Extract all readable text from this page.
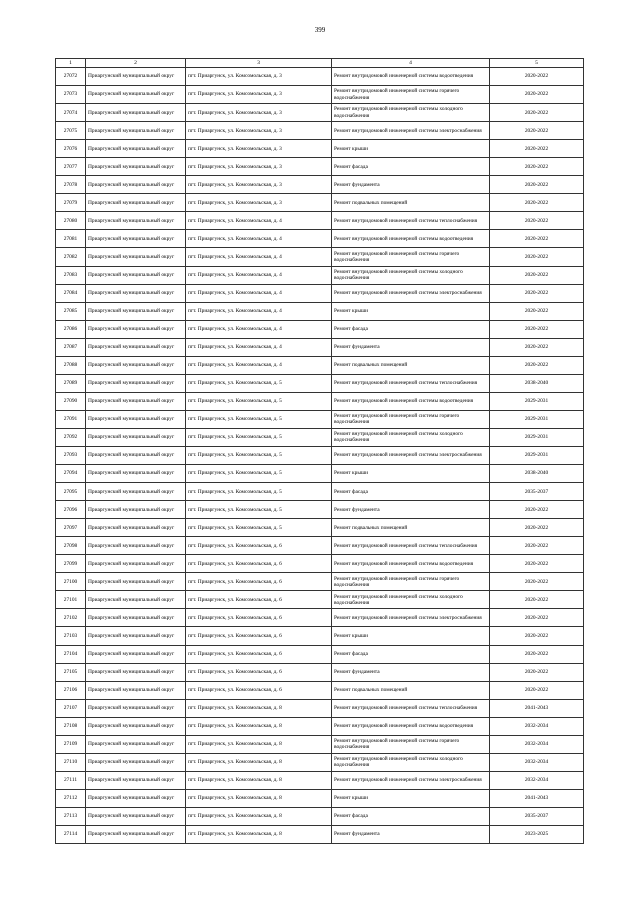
399
1	2	3	4	5
27072	Приаргунский муниципальный округ	пгт. Приаргунск, ул. Комсомольская, д. 3	Ремонт внутридомовой инженерной системы водоотведения	2020-2022
27073	Приаргунский муниципальный округ	пгт. Приаргунск, ул. Комсомольская, д. 3	Ремонт внутридомовой инженерной системы горячего водоснабжения	2020-2022
27074	Приаргунский муниципальный округ	пгт. Приаргунск, ул. Комсомольская, д. 3	Ремонт внутридомовой инженерной системы холодного водоснабжения	2020-2022
27075	Приаргунский муниципальный округ	пгт. Приаргунск, ул. Комсомольская, д. 3	Ремонт внутридомовой инженерной системы электроснабжения	2020-2022
27076	Приаргунский муниципальный округ	пгт. Приаргунск, ул. Комсомольская, д. 3	Ремонт крыши	2020-2022
27077	Приаргунский муниципальный округ	пгт. Приаргунск, ул. Комсомольская, д. 3	Ремонт фасада	2020-2022
27078	Приаргунский муниципальный округ	пгт. Приаргунск, ул. Комсомольская, д. 3	Ремонт фундамента	2020-2022
27079	Приаргунский муниципальный округ	пгт. Приаргунск, ул. Комсомольская, д. 3	Ремонт подвальных помещений	2020-2022
27080	Приаргунский муниципальный округ	пгт. Приаргунск, ул. Комсомольская, д. 4	Ремонт внутридомовой инженерной системы теплоснабжения	2020-2022
27081	Приаргунский муниципальный округ	пгт. Приаргунск, ул. Комсомольская, д. 4	Ремонт внутридомовой инженерной системы водоотведения	2020-2022
27082	Приаргунский муниципальный округ	пгт. Приаргунск, ул. Комсомольская, д. 4	Ремонт внутридомовой инженерной системы горячего водоснабжения	2020-2022
27083	Приаргунский муниципальный округ	пгт. Приаргунск, ул. Комсомольская, д. 4	Ремонт внутридомовой инженерной системы холодного водоснабжения	2020-2022
27084	Приаргунский муниципальный округ	пгт. Приаргунск, ул. Комсомольская, д. 4	Ремонт внутридомовой инженерной системы электроснабжения	2020-2022
27085	Приаргунский муниципальный округ	пгт. Приаргунск, ул. Комсомольская, д. 4	Ремонт крыши	2020-2022
27086	Приаргунский муниципальный округ	пгт. Приаргунск, ул. Комсомольская, д. 4	Ремонт фасада	2020-2022
27087	Приаргунский муниципальный округ	пгт. Приаргунск, ул. Комсомольская, д. 4	Ремонт фундамента	2020-2022
27088	Приаргунский муниципальный округ	пгт. Приаргунск, ул. Комсомольская, д. 4	Ремонт подвальных помещений	2020-2022
27089	Приаргунский муниципальный округ	пгт. Приаргунск, ул. Комсомольская, д. 5	Ремонт внутридомовой инженерной системы теплоснабжения	2038-2040
27090	Приаргунский муниципальный округ	пгт. Приаргунск, ул. Комсомольская, д. 5	Ремонт внутридомовой инженерной системы водоотведения	2029-2031
27091	Приаргунский муниципальный округ	пгт. Приаргунск, ул. Комсомольская, д. 5	Ремонт внутридомовой инженерной системы горячего водоснабжения	2029-2031
27092	Приаргунский муниципальный округ	пгт. Приаргунск, ул. Комсомольская, д. 5	Ремонт внутридомовой инженерной системы холодного водоснабжения	2029-2031
27093	Приаргунский муниципальный округ	пгт. Приаргунск, ул. Комсомольская, д. 5	Ремонт внутридомовой инженерной системы электроснабжения	2029-2031
27094	Приаргунский муниципальный округ	пгт. Приаргунск, ул. Комсомольская, д. 5	Ремонт крыши	2038-2040
27095	Приаргунский муниципальный округ	пгт. Приаргунск, ул. Комсомольская, д. 5	Ремонт фасада	2035-2037
27096	Приаргунский муниципальный округ	пгт. Приаргунск, ул. Комсомольская, д. 5	Ремонт фундамента	2020-2022
27097	Приаргунский муниципальный округ	пгт. Приаргунск, ул. Комсомольская, д. 5	Ремонт подвальных помещений	2020-2022
27098	Приаргунский муниципальный округ	пгт. Приаргунск, ул. Комсомольская, д. 6	Ремонт внутридомовой инженерной системы теплоснабжения	2020-2022
27099	Приаргунский муниципальный округ	пгт. Приаргунск, ул. Комсомольская, д. 6	Ремонт внутридомовой инженерной системы водоотведения	2020-2022
27100	Приаргунский муниципальный округ	пгт. Приаргунск, ул. Комсомольская, д. 6	Ремонт внутридомовой инженерной системы горячего водоснабжения	2020-2022
27101	Приаргунский муниципальный округ	пгт. Приаргунск, ул. Комсомольская, д. 6	Ремонт внутридомовой инженерной системы холодного водоснабжения	2020-2022
27102	Приаргунский муниципальный округ	пгт. Приаргунск, ул. Комсомольская, д. 6	Ремонт внутридомовой инженерной системы электроснабжения	2020-2022
27103	Приаргунский муниципальный округ	пгт. Приаргунск, ул. Комсомольская, д. 6	Ремонт крыши	2020-2022
27104	Приаргунский муниципальный округ	пгт. Приаргунск, ул. Комсомольская, д. 6	Ремонт фасада	2020-2022
27105	Приаргунский муниципальный округ	пгт. Приаргунск, ул. Комсомольская, д. 6	Ремонт фундамента	2020-2022
27106	Приаргунский муниципальный округ	пгт. Приаргунск, ул. Комсомольская, д. 6	Ремонт подвальных помещений	2020-2022
27107	Приаргунский муниципальный округ	пгт. Приаргунск, ул. Комсомольская, д. 8	Ремонт внутридомовой инженерной системы теплоснабжения	2041-2043
27108	Приаргунский муниципальный округ	пгт. Приаргунск, ул. Комсомольская, д. 8	Ремонт внутридомовой инженерной системы водоотведения	2032-2034
27109	Приаргунский муниципальный округ	пгт. Приаргунск, ул. Комсомольская, д. 8	Ремонт внутридомовой инженерной системы горячего водоснабжения	2032-2034
27110	Приаргунский муниципальный округ	пгт. Приаргунск, ул. Комсомольская, д. 8	Ремонт внутридомовой инженерной системы холодного водоснабжения	2032-2034
27111	Приаргунский муниципальный округ	пгт. Приаргунск, ул. Комсомольская, д. 8	Ремонт внутридомовой инженерной системы электроснабжения	2032-2034
27112	Приаргунский муниципальный округ	пгт. Приаргунск, ул. Комсомольская, д. 8	Ремонт крыши	2041-2043
27113	Приаргунский муниципальный округ	пгт. Приаргунск, ул. Комсомольская, д. 8	Ремонт фасада	2035-2037
27114	Приаргунский муниципальный округ	пгт. Приаргунск, ул. Комсомольская, д. 8	Ремонт фундамента	2023-2025
